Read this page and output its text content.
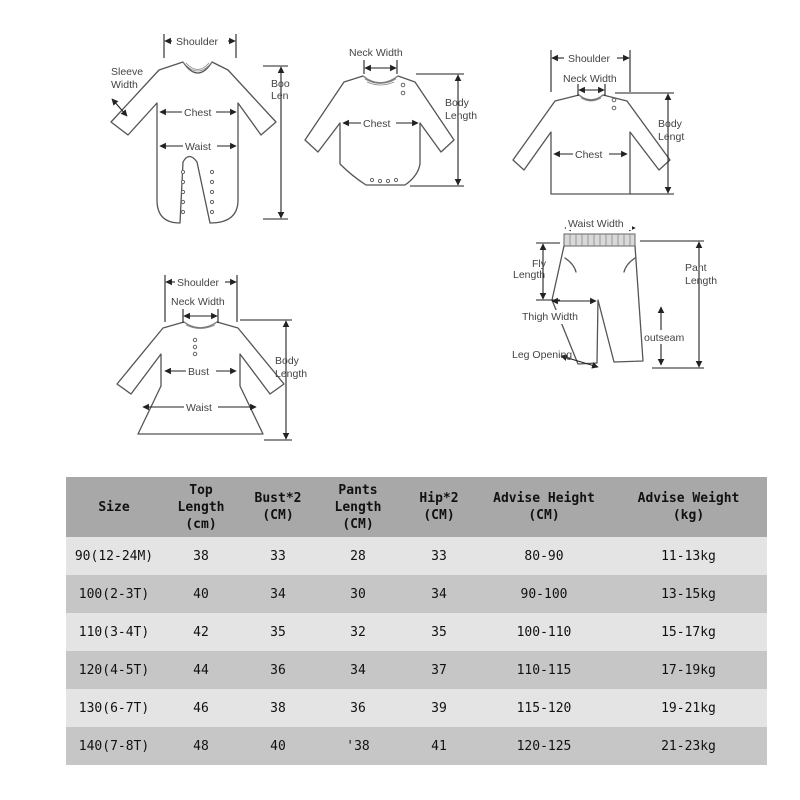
Shoulder
Sleeve
Width
Chest
Waist
Boo
Len
Neck Width
Chest
Body
Length
Shoulder
Neck Width
Chest
Body
Lengt
Waist Width
Fly
Length
Pant
Length
Thigh Width
outseam
Leg Opening
Shoulder
Neck Width
Bust
Waist
Body
Length
Size	Top
Length
(cm)	Bust*2
(CM)	Pants
Length
(CM)	Hip*2
(CM)	Advise Height
(CM)	Advise Weight
(kg)

90(12-24M)	38	33	28	33	80-90	11-13kg
100(2-3T)	40	34	30	34	90-100	13-15kg
110(3-4T)	42	35	32	35	100-110	15-17kg
120(4-5T)	44	36	34	37	110-115	17-19kg
130(6-7T)	46	38	36	39	115-120	19-21kg
140(7-8T)	48	40	'38	41	120-125	21-23kg
